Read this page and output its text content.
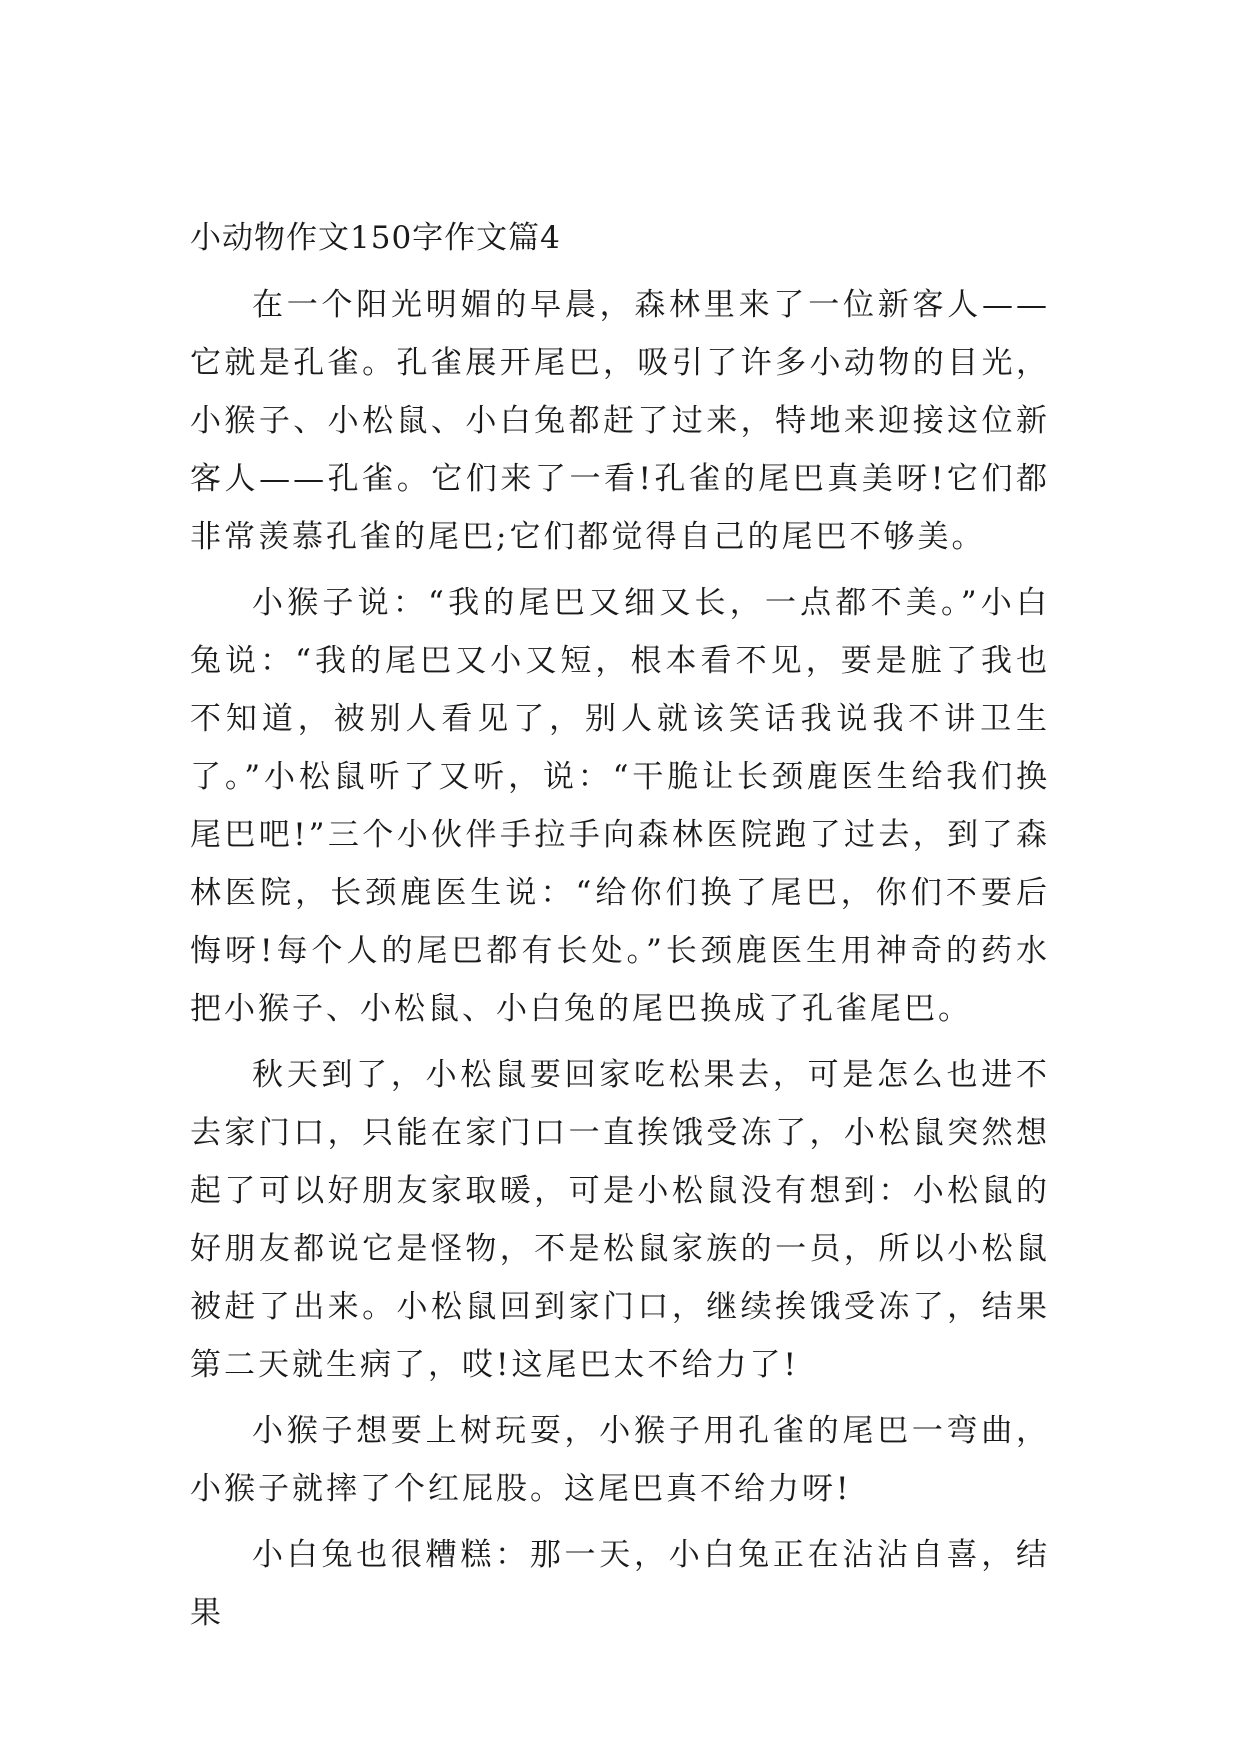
小动物作文150字作文篇4

在一个阳光明媚的早晨，森林里来了一位新客人——它就是孔雀。孔雀展开尾巴，吸引了许多小动物的目光，小猴子、小松鼠、小白兔都赶了过来，特地来迎接这位新客人——孔雀。它们来了一看!孔雀的尾巴真美呀!它们都非常羡慕孔雀的尾巴;它们都觉得自己的尾巴不够美。

小猴子说：“我的尾巴又细又长，一点都不美。”小白兔说：“我的尾巴又小又短，根本看不见，要是脏了我也不知道，被别人看见了，别人就该笑话我说我不讲卫生了。”小松鼠听了又听，说：“干脆让长颈鹿医生给我们换尾巴吧!”三个小伙伴手拉手向森林医院跑了过去，到了森林医院，长颈鹿医生说：“给你们换了尾巴，你们不要后悔呀!每个人的尾巴都有长处。”长颈鹿医生用神奇的药水把小猴子、小松鼠、小白兔的尾巴换成了孔雀尾巴。

秋天到了，小松鼠要回家吃松果去，可是怎么也进不去家门口，只能在家门口一直挨饿受冻了，小松鼠突然想起了可以好朋友家取暖，可是小松鼠没有想到：小松鼠的好朋友都说它是怪物，不是松鼠家族的一员，所以小松鼠被赶了出来。小松鼠回到家门口，继续挨饿受冻了，结果第二天就生病了，哎!这尾巴太不给力了!

小猴子想要上树玩耍，小猴子用孔雀的尾巴一弯曲，小猴子就摔了个红屁股。这尾巴真不给力呀!

小白兔也很糟糕：那一天，小白兔正在沾沾自喜，结果
